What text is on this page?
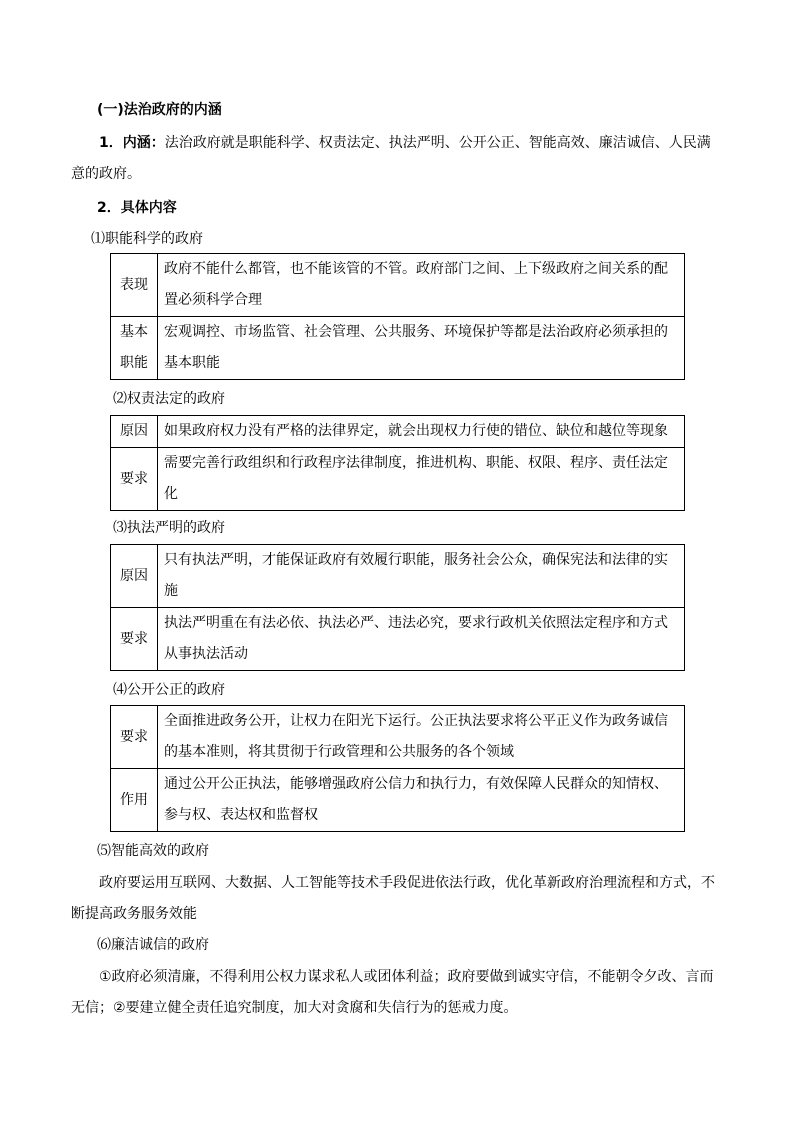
(一)法治政府的内涵
1．内涵：法治政府就是职能科学、权责法定、执法严明、公开公正、智能高效、廉洁诚信、人民满意的政府。
2．具体内容
⑴职能科学的政府
表现	政府不能什么都管，也不能该管的不管。政府部门之间、上下级政府之间关系的配置必须科学合理
基本职能	宏观调控、市场监管、社会管理、公共服务、环境保护等都是法治政府必须承担的基本职能
⑵权责法定的政府
原因	如果政府权力没有严格的法律界定，就会出现权力行使的错位、缺位和越位等现象
要求	需要完善行政组织和行政程序法律制度，推进机构、职能、权限、程序、责任法定化
⑶执法严明的政府
原因	只有执法严明，才能保证政府有效履行职能，服务社会公众，确保宪法和法律的实施
要求	执法严明重在有法必依、执法必严、违法必究，要求行政机关依照法定程序和方式从事执法活动
⑷公开公正的政府
要求	全面推进政务公开，让权力在阳光下运行。公正执法要求将公平正义作为政务诚信的基本准则，将其贯彻于行政管理和公共服务的各个领域
作用	通过公开公正执法，能够增强政府公信力和执行力，有效保障人民群众的知情权、参与权、表达权和监督权
⑸智能高效的政府
政府要运用互联网、大数据、人工智能等技术手段促进依法行政，优化革新政府治理流程和方式，不断提高政务服务效能
⑹廉洁诚信的政府
①政府必须清廉，不得利用公权力谋求私人或团体利益；政府要做到诚实守信，不能朝令夕改、言而无信；②要建立健全责任追究制度，加大对贪腐和失信行为的惩戒力度。
